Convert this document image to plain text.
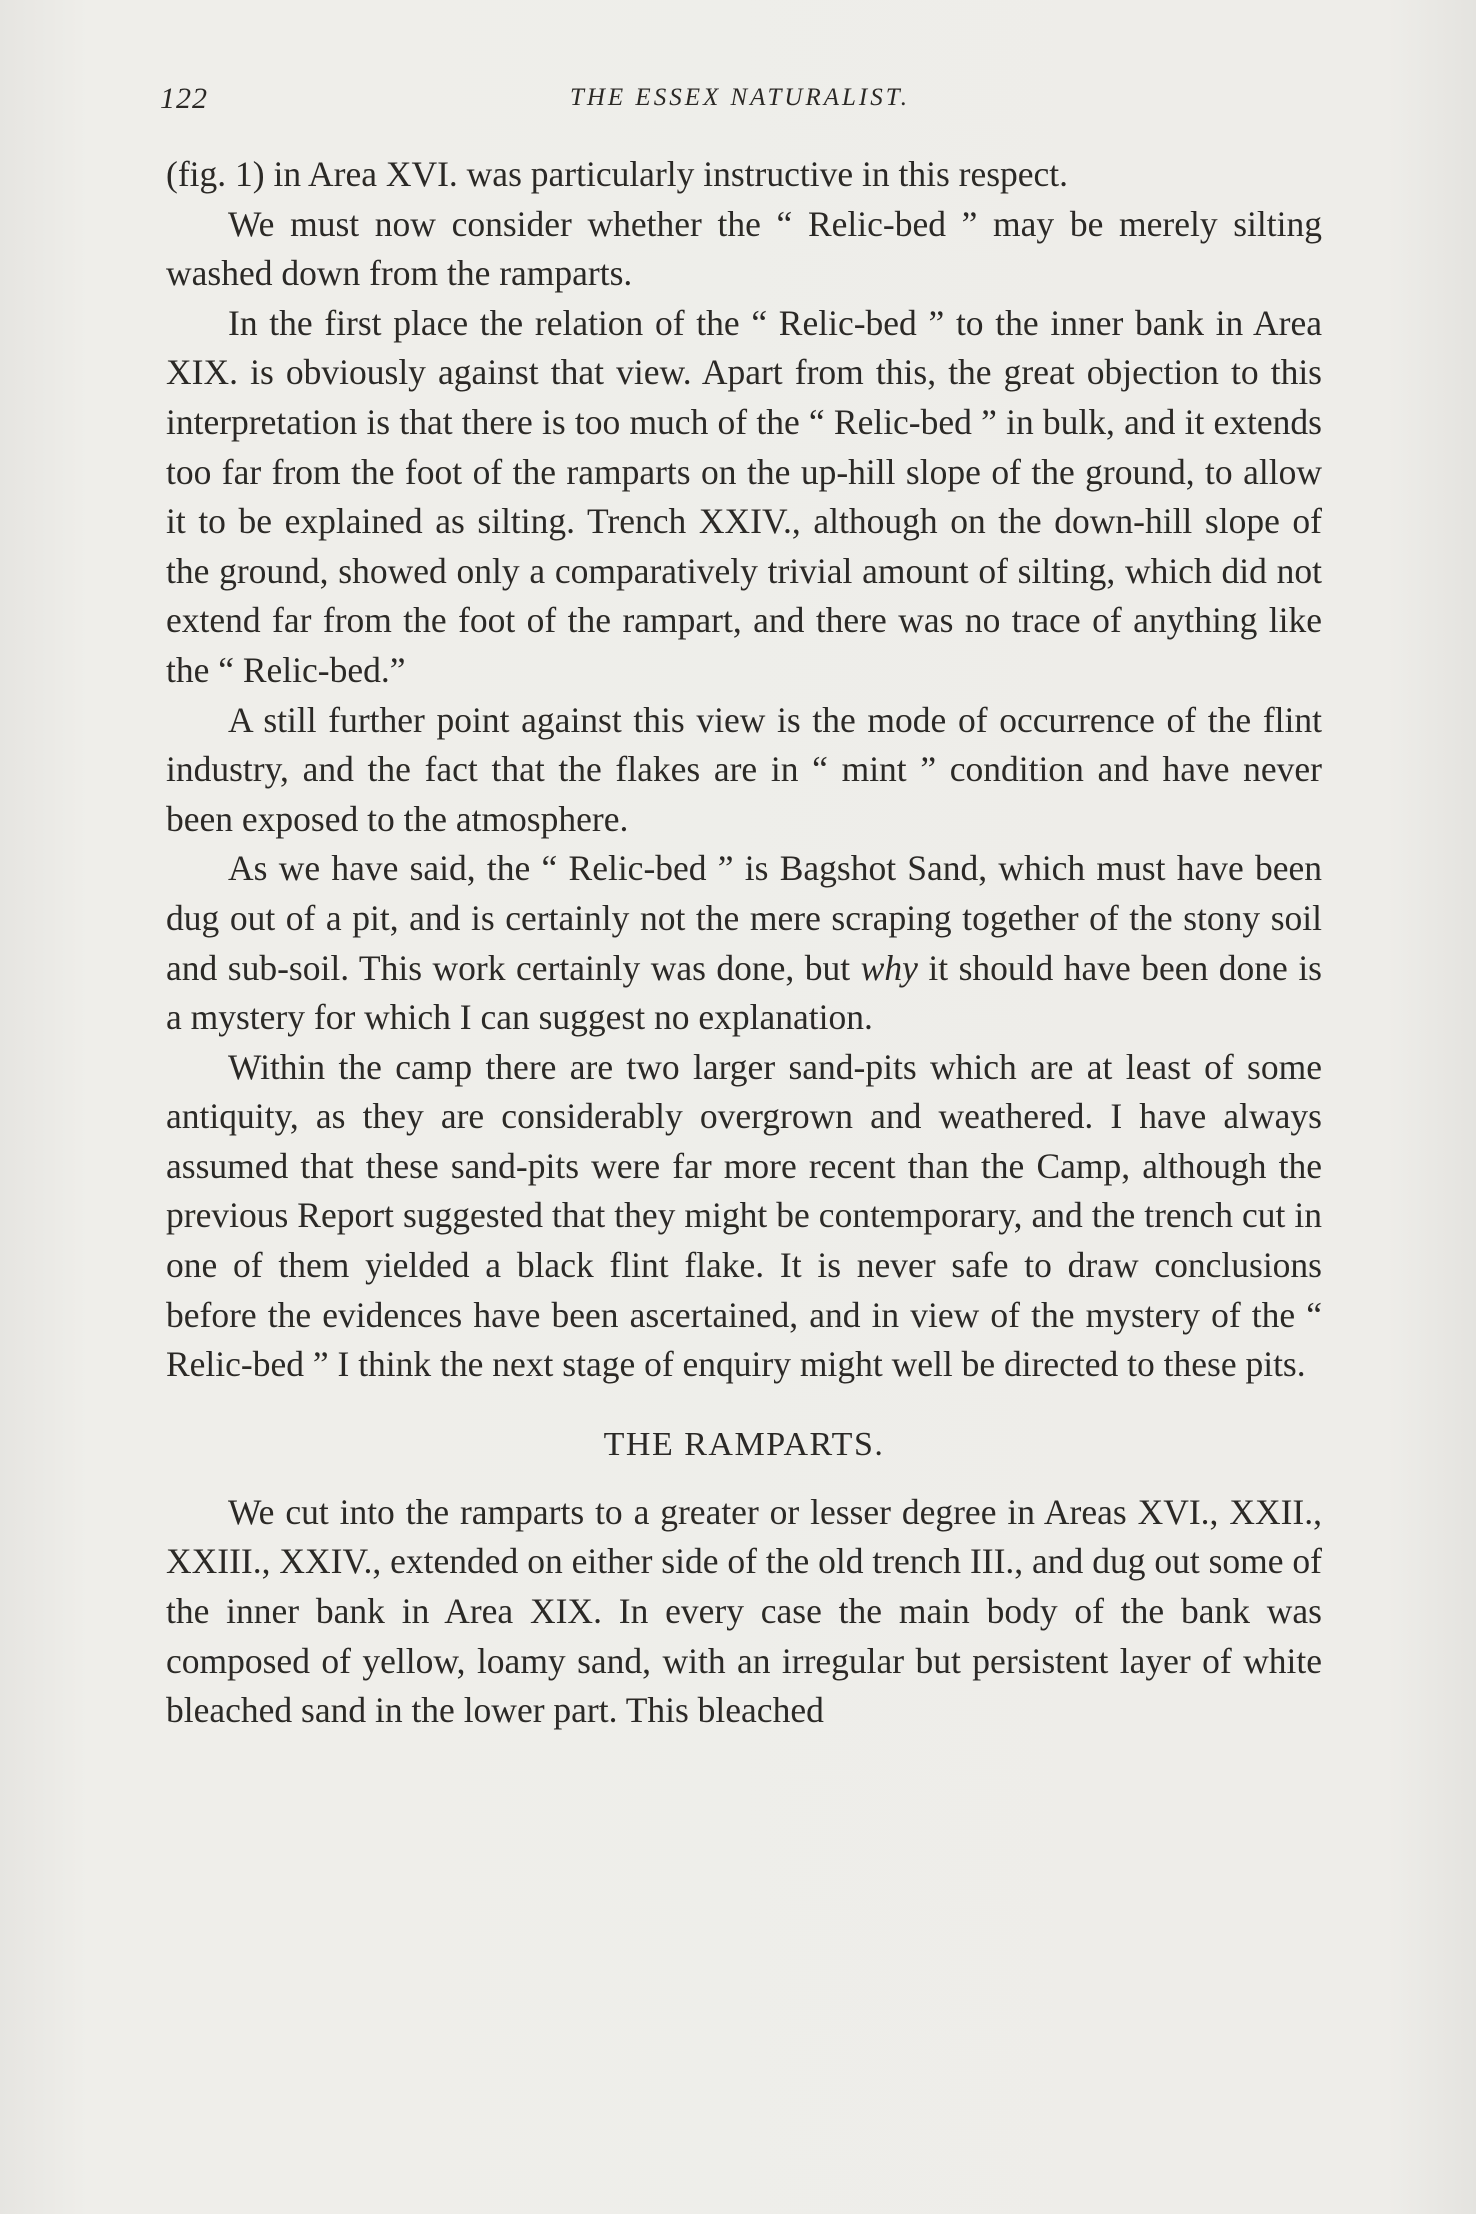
122	THE ESSEX NATURALIST.

(fig. 1) in Area XVI. was particularly instructive in this respect.

We must now consider whether the “ Relic-bed ” may be merely silting washed down from the ramparts.

In the first place the relation of the “ Relic-bed ” to the inner bank in Area XIX. is obviously against that view. Apart from this, the great objection to this interpretation is that there is too much of the “ Relic-bed ” in bulk, and it extends too far from the foot of the ramparts on the up-hill slope of the ground, to allow it to be explained as silting. Trench XXIV., although on the down-hill slope of the ground, showed only a comparatively trivial amount of silting, which did not extend far from the foot of the rampart, and there was no trace of anything like the “ Relic-bed.”

A still further point against this view is the mode of occurrence of the flint industry, and the fact that the flakes are in “ mint ” condition and have never been exposed to the atmosphere.

As we have said, the “ Relic-bed ” is Bagshot Sand, which must have been dug out of a pit, and is certainly not the mere scraping together of the stony soil and sub-soil. This work certainly was done, but why it should have been done is a mystery for which I can suggest no explanation.

Within the camp there are two larger sand-pits which are at least of some antiquity, as they are considerably overgrown and weathered. I have always assumed that these sand-pits were far more recent than the Camp, although the previous Report suggested that they might be contemporary, and the trench cut in one of them yielded a black flint flake. It is never safe to draw conclusions before the evidences have been ascertained, and in view of the mystery of the “ Relic-bed ” I think the next stage of enquiry might well be directed to these pits.

THE RAMPARTS.

We cut into the ramparts to a greater or lesser degree in Areas XVI., XXII., XXIII., XXIV., extended on either side of the old trench III., and dug out some of the inner bank in Area XIX. In every case the main body of the bank was composed of yellow, loamy sand, with an irregular but persistent layer of white bleached sand in the lower part. This bleached
